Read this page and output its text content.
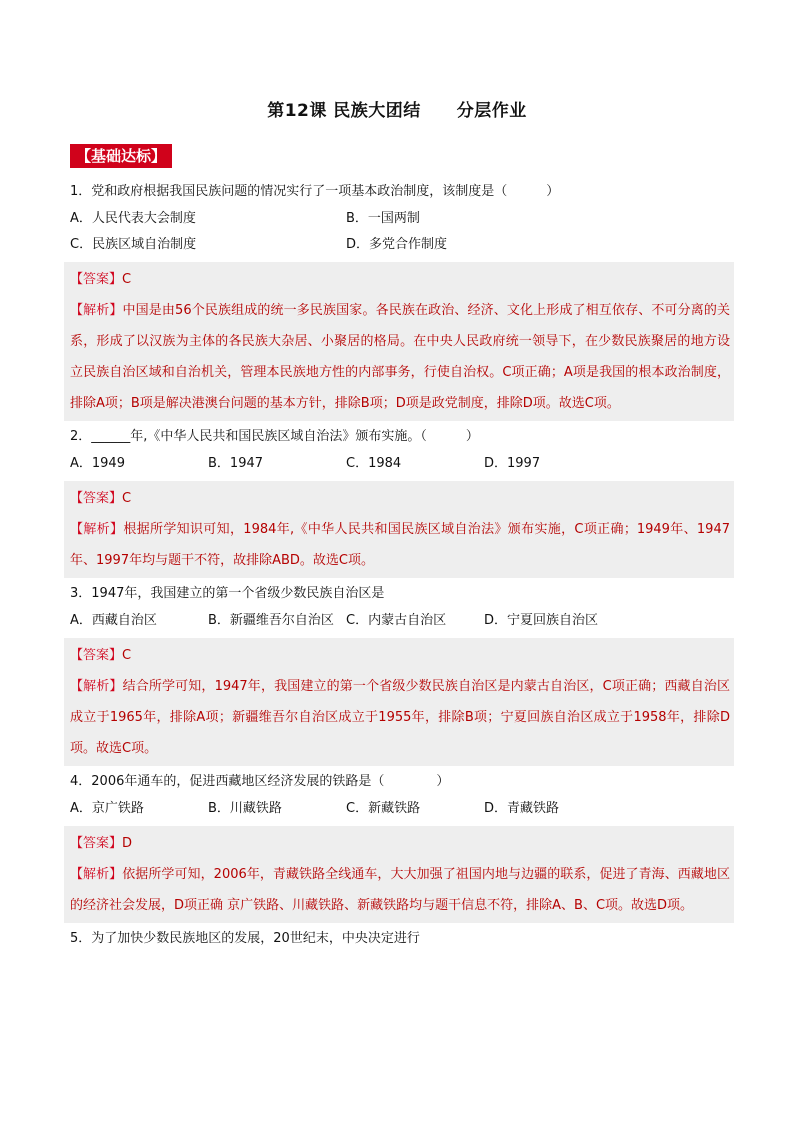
第12课 民族大团结 分层作业
【基础达标】
1．党和政府根据我国民族问题的情况实行了一项基本政治制度，该制度是（　　　）
A．人民代表大会制度	B．一国两制
C．民族区域自治制度	D．多党合作制度
【答案】C
【解析】中国是由56个民族组成的统一多民族国家。各民族在政治、经济、文化上形成了相互依存、不可分离的关系，形成了以汉族为主体的各民族大杂居、小聚居的格局。在中央人民政府统一领导下，在少数民族聚居的地方设立民族自治区域和自治机关，管理本民族地方性的内部事务，行使自治权。C项正确；A项是我国的根本政治制度，排除A项；B项是解决港澳台问题的基本方针，排除B项；D项是政党制度，排除D项。故选C项。
2．______年,《中华人民共和国民族区域自治法》颁布实施。（　　　）
A．1949	B．1947	C．1984	D．1997
【答案】C
【解析】根据所学知识可知，1984年,《中华人民共和国民族区域自治法》颁布实施，C项正确；1949年、1947年、1997年均与题干不符，故排除ABD。故选C项。
3．1947年，我国建立的第一个省级少数民族自治区是
A．西藏自治区	B．新疆维吾尔自治区 C．内蒙古自治区	D．宁夏回族自治区
【答案】C
【解析】结合所学可知，1947年，我国建立的第一个省级少数民族自治区是内蒙古自治区，C项正确；西藏自治区成立于1965年，排除A项；新疆维吾尔自治区成立于1955年，排除B项；宁夏回族自治区成立于1958年，排除D项。故选C项。
4．2006年通车的，促进西藏地区经济发展的铁路是（　　　　）
A．京广铁路	B．川藏铁路	C．新藏铁路	D．青藏铁路
【答案】D
【解析】依据所学可知，2006年，青藏铁路全线通车，大大加强了祖国内地与边疆的联系，促进了青海、西藏地区的经济社会发展，D项正确 京广铁路、川藏铁路、新藏铁路均与题干信息不符，排除A、B、C项。故选D项。
5．为了加快少数民族地区的发展，20世纪末，中央决定进行
